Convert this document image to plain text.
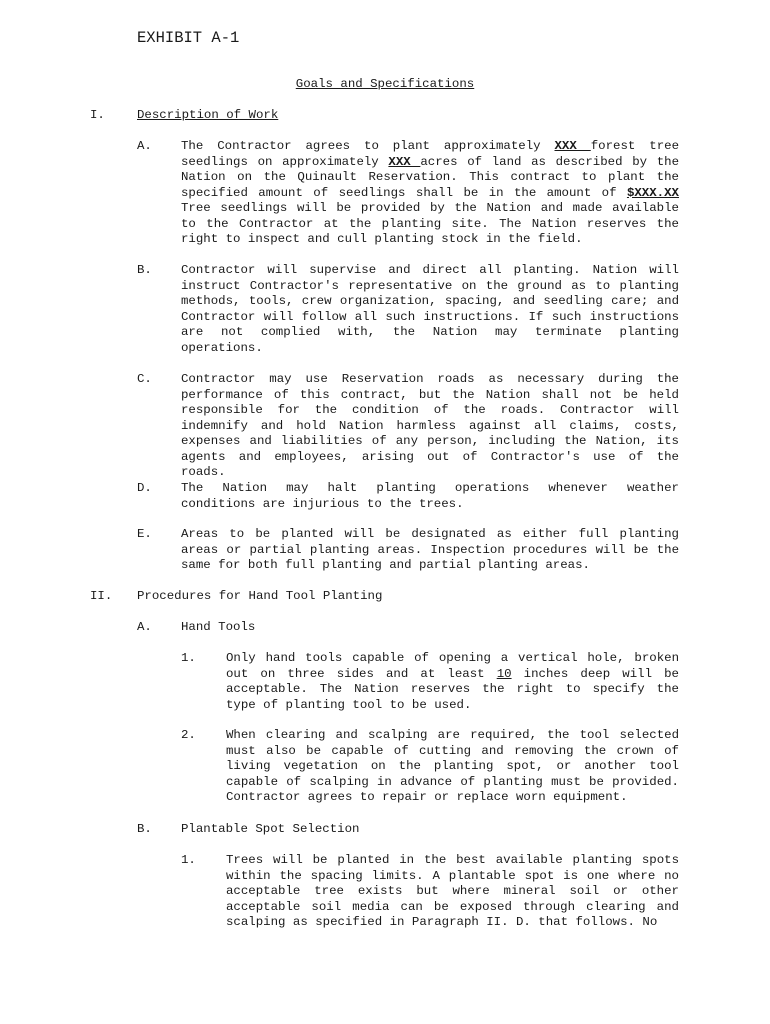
EXHIBIT A-1
Goals and Specifications
I.	Description of Work
A. The Contractor agrees to plant approximately XXX forest tree seedlings on approximately XXX acres of land as described by the Nation on the Quinault Reservation. This contract to plant the specified amount of seedlings shall be in the amount of $XXX.XX Tree seedlings will be provided by the Nation and made available to the Contractor at the planting site. The Nation reserves the right to inspect and cull planting stock in the field.
B. Contractor will supervise and direct all planting. Nation will instruct Contractor's representative on the ground as to planting methods, tools, crew organization, spacing, and seedling care; and Contractor will follow all such instructions. If such instructions are not complied with, the Nation may terminate planting operations.
C. Contractor may use Reservation roads as necessary during the performance of this contract, but the Nation shall not be held responsible for the condition of the roads. Contractor will indemnify and hold Nation harmless against all claims, costs, expenses and liabilities of any person, including the Nation, its agents and employees, arising out of Contractor's use of the roads.
D. The Nation may halt planting operations whenever weather conditions are injurious to the trees.
E. Areas to be planted will be designated as either full planting areas or partial planting areas. Inspection procedures will be the same for both full planting and partial planting areas.
II. Procedures for Hand Tool Planting
A. Hand Tools
1. Only hand tools capable of opening a vertical hole, broken out on three sides and at least 10 inches deep will be acceptable. The Nation reserves the right to specify the type of planting tool to be used.
2. When clearing and scalping are required, the tool selected must also be capable of cutting and removing the crown of living vegetation on the planting spot, or another tool capable of scalping in advance of planting must be provided. Contractor agrees to repair or replace worn equipment.
B. Plantable Spot Selection
1. Trees will be planted in the best available planting spots within the spacing limits. A plantable spot is one where no acceptable tree exists but where mineral soil or other acceptable soil media can be exposed through clearing and scalping as specified in Paragraph II. D. that follows. No
